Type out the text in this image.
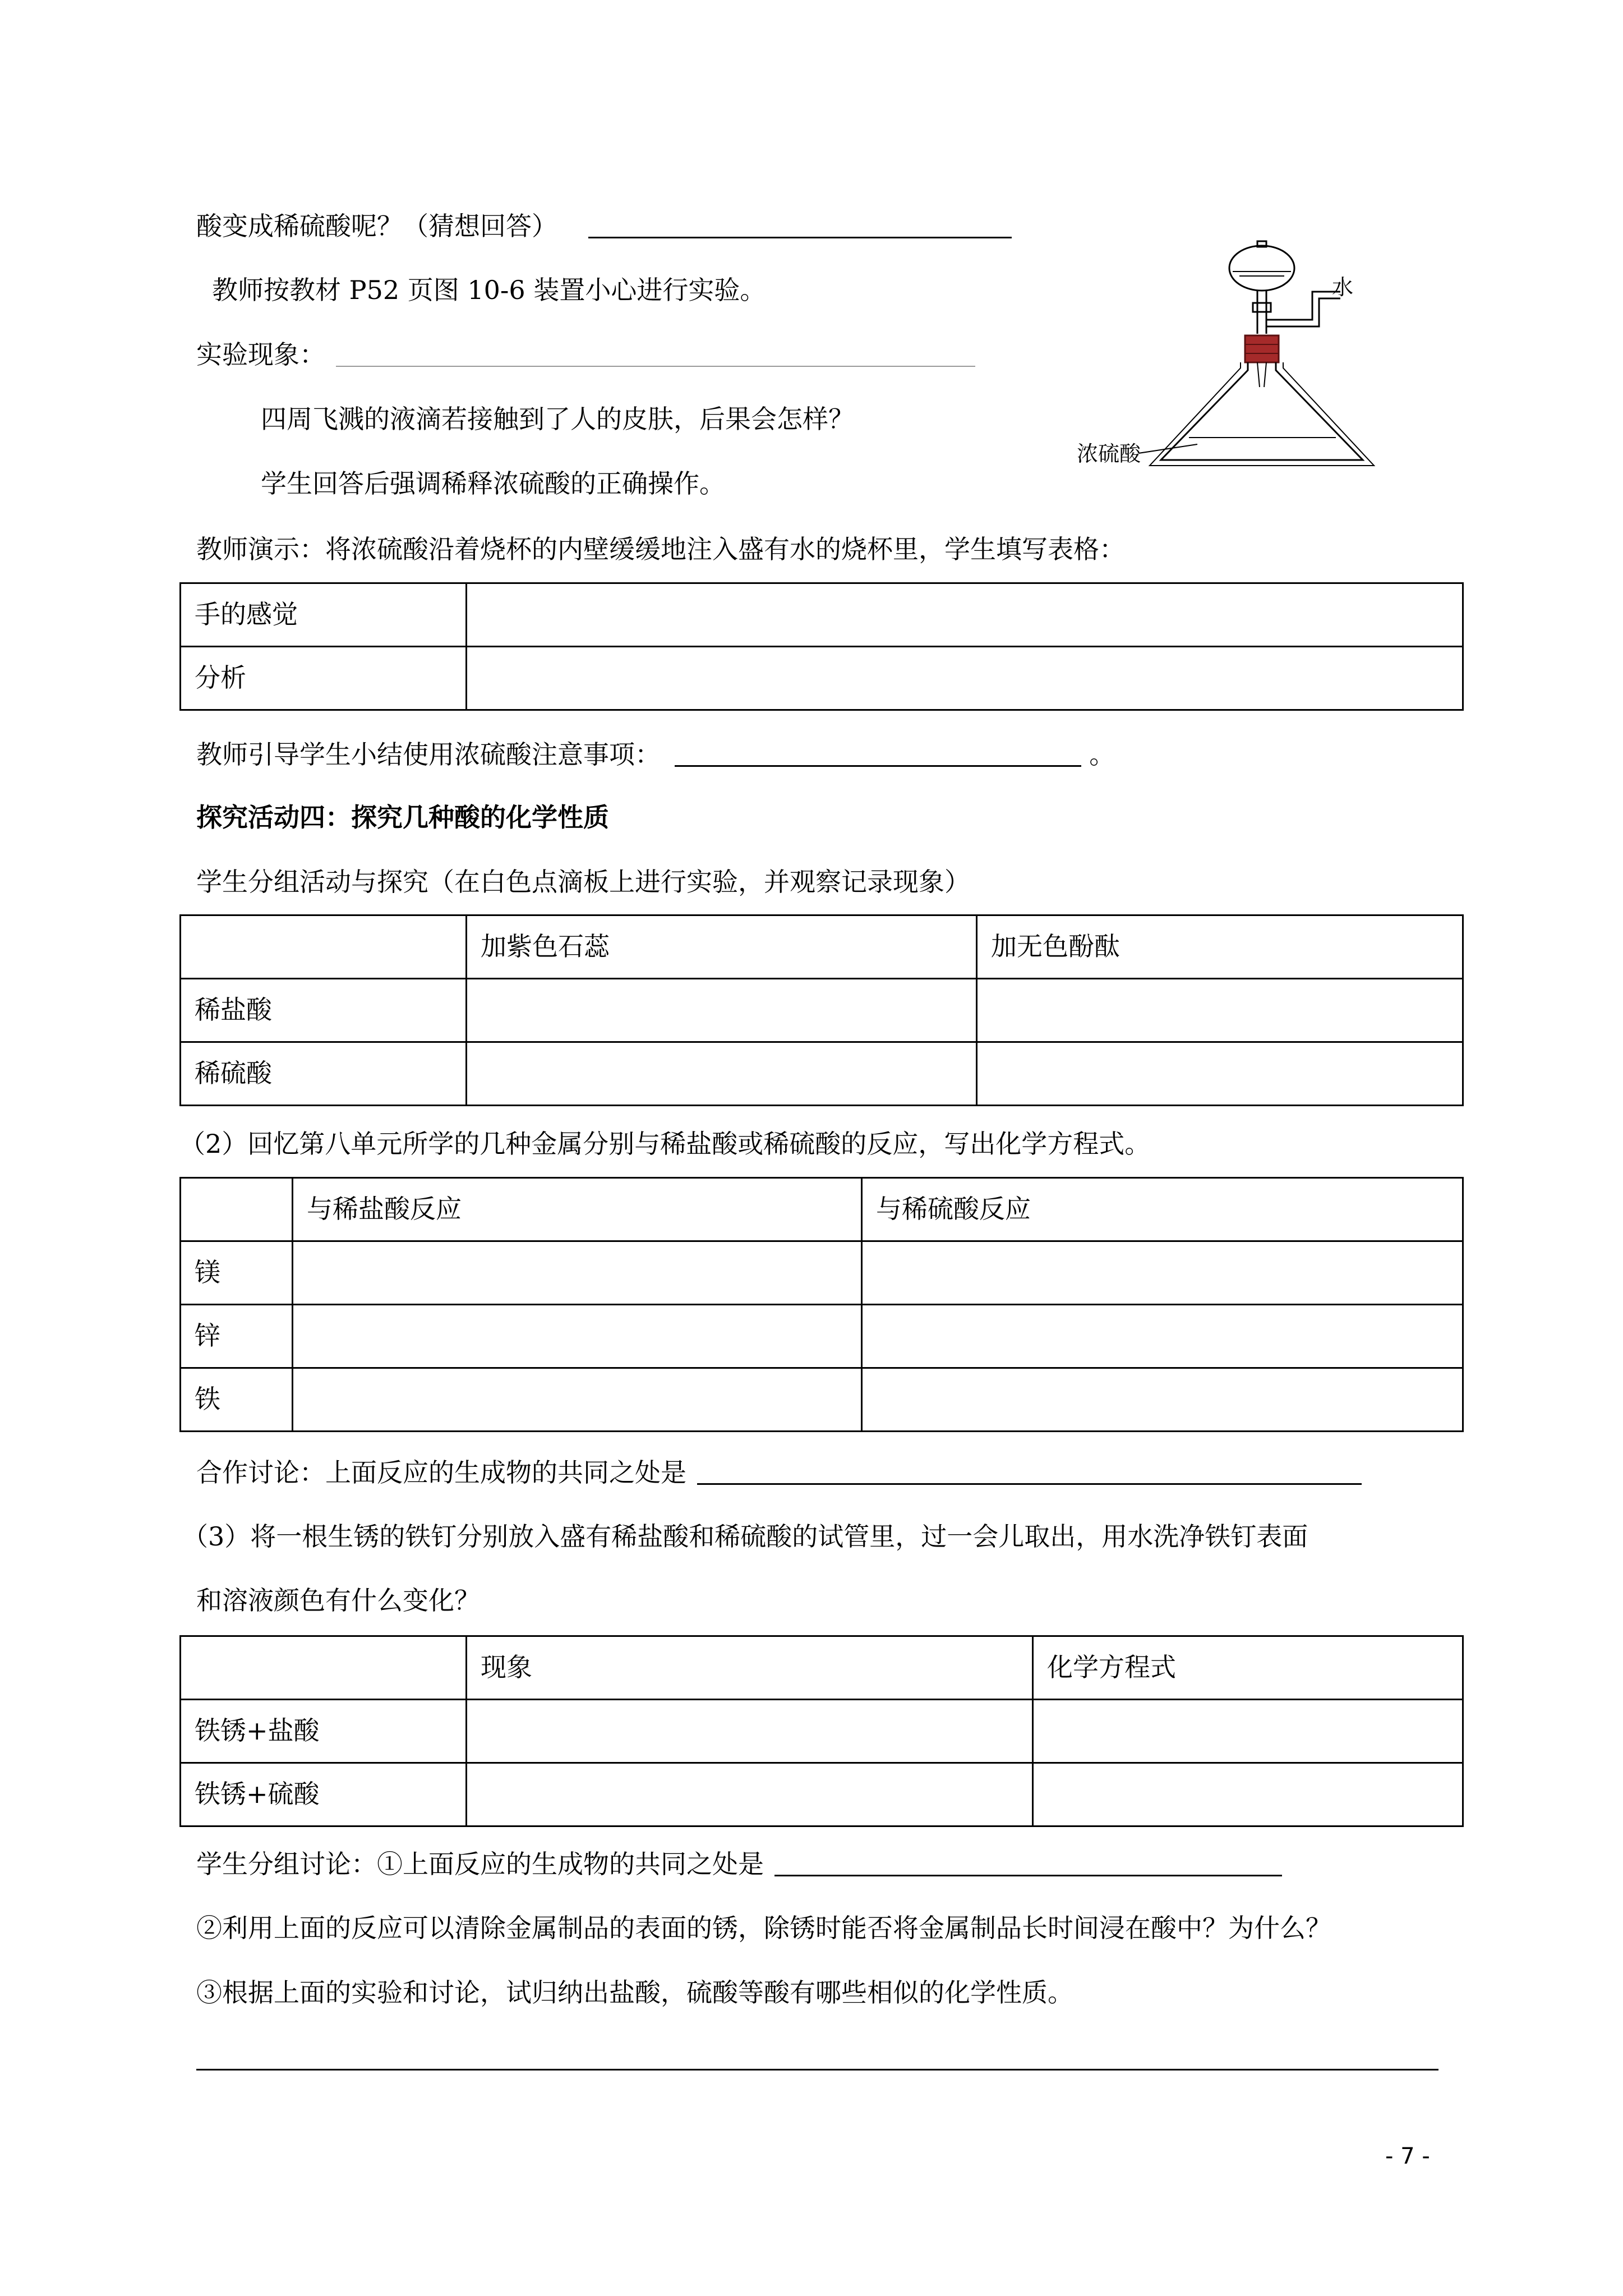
酸变成稀硫酸呢？（猜想回答）
教师按教材 P52 页图 10-6 装置小心进行实验。
实验现象：
四周飞溅的液滴若接触到了人的皮肤，后果会怎样？
学生回答后强调稀释浓硫酸的正确操作。
水
浓硫酸
教师演示：将浓硫酸沿着烧杯的内壁缓缓地注入盛有水的烧杯里，学生填写表格：
手的感觉	
分析	
教师引导学生小结使用浓硫酸注意事项：	。
探究活动四：探究几种酸的化学性质
学生分组活动与探究（在白色点滴板上进行实验，并观察记录现象）
	加紫色石蕊	加无色酚酞
稀盐酸		
稀硫酸		
（2）回忆第八单元所学的几种金属分别与稀盐酸或稀硫酸的反应，写出化学方程式。
	与稀盐酸反应	与稀硫酸反应
镁		
锌		
铁		
合作讨论：上面反应的生成物的共同之处是
（3）将一根生锈的铁钉分别放入盛有稀盐酸和稀硫酸的试管里，过一会儿取出，用水洗净铁钉表面
和溶液颜色有什么变化？
	现象	化学方程式
铁锈+盐酸		
铁锈+硫酸		
学生分组讨论：①上面反应的生成物的共同之处是
②利用上面的反应可以清除金属制品的表面的锈，除锈时能否将金属制品长时间浸在酸中？为什么？
③根据上面的实验和讨论，试归纳出盐酸，硫酸等酸有哪些相似的化学性质。
- 7 -
